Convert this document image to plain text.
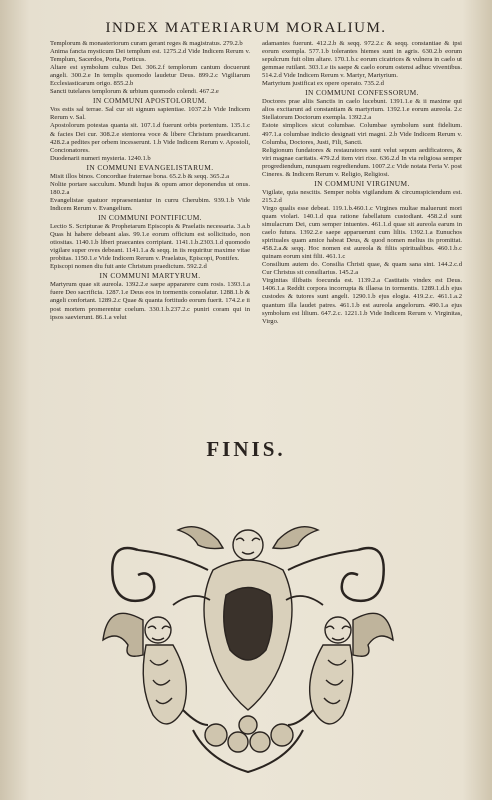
INDEX MATERIARUM MORALIUM.

Templorum & monasteriorum curam gerant reges & magistratus. 279.2.b

Anima fancta mysticum Dei templum est. 1275.2.d Vide Indicem Rerum v. Templum, Sacerdos, Porta, Porticus.

Altare est symbolum cultus Dei. 306.2.f templorum cantum docuerunt angeli. 300.2.e In templis quomodo laudetur Deus. 899.2.c Vigiliarum Ecclesiasticarum origo. 855.2.b

Sancti tutelares templorum & urbium quomodo colendi. 467.2.e

IN COMMUNI APOSTOLORUM.

Vos estis sal terrae. Sal cur sit signum sapientiae. 1037.2.b Vide Indicem Rerum v. Sal.

Apostolorum potestas quanta sit. 107.1.d fuerunt orbis portentum. 135.1.c & facies Dei cur. 308.2.e stentorea voce & libere Christum praedicarunt. 428.2.a pedites per orbem incesserunt. 1.b Vide Indicem Rerum v. Apostoli, Concionatores.

Duodenarii numeri mysteria. 1240.1.b

IN COMMUNI EVANGELISTARUM.

Misit illos binos. Concordiae fraternae bona. 65.2.b & seqq. 365.2.a

Nolite portare sacculum. Mundi hujus & opum amor deponendus ut onus. 180.2.a

Evangelistae quatuor repraesentantur in curru Cherubim. 939.1.b Vide Indicem Rerum v. Evangelium.

IN COMMUNI PONTIFICUM.

Lectio S. Scripturae & Prophetarum Episcopis & Praelatis necessaria. 3.a.b Quas hi habere debeant alas. 99.1.e eorum officium est sollicitudo, non otiositas. 1140.1.b liberi praecantes corripiant. 1141.1.b.2303.1.d quomodo vigilare super oves debeant. 1141.1.a & seqq. in iis requiritur maxime vitae probitas. 1150.1.e Vide Indicem Rerum v. Praelatus, Episcopi, Pontifex.

Episcopi nomen diu fuit ante Christum praedictum. 592.2.d

IN COMMUNI MARTYRUM.

Martyrum quae sit aureola. 1392.2.e saepe appararere cum rosis. 1393.1.a fuere Deo sacrificia. 1287.1.e Deus eos in tormentis consolatur. 1288.1.b & angeli confortant. 1289.2.c Quae & quanta fortitudo eorum fuerit. 174.2.e ii post mortem promerentur coelum. 330.1.b.237.2.c puniri coram qui in ipsos saevierunt. 86.1.a velut

adamantes fuerunt. 412.2.b & seqq. 972.2.c & seqq. constantiae & ipsi eorum exempla. 577.1.b tolerantes hiemes sunt in agris. 630.2.b eorum sepulcrum fuit olim altare. 170.1.b.c eorum cicatrices & vulnera in caelo ut gemmae rutilant. 303.1.e iis saepe & caelo eorum ostensi adhuc viventibus. 514.2.d Vide Indicem Rerum v. Martyr, Martyrium.

Martyrium justificat ex opere operato. 735.2.d

IN COMMUNI CONFESSORUM.

Doctores prae aliis Sanctis in caelo lucebunt. 1391.1.e & ii maxime qui alios excitarunt ad constantiam & martyrium. 1392.1.e eorum aureola. 2.c Stellatorum Doctorum exempla. 1392.2.a

Estote simplices sicut columbae. Columbae symbolum sunt fidelium. 497.1.a columbae indicio designati viri magni. 2.b Vide Indicem Rerum v. Columba, Doctores, Justi, Fili, Sancti.

Religionum fundatores & restauratores sunt velut sepum aedificatores, & viri magnae caritatis. 479.2.d item viri rixe. 636.2.d In via religiosa semper progrediendum, nunquam regrediendum. 1007.2.c Vide notata Feria V. post Cineres. & Indicem Rerum v. Religio, Religiosi.

IN COMMUNI VIRGINUM.

Vigilate, quia nescitis. Semper nobis vigilandum & circumspiciendum est. 215.2.d

Virgo qualis esse debeat. 119.1.b.460.1.c Virgines multae maluerunt mori quam violari. 140.1.d qua ratione fabellatum custodiant. 458.2.d sunt simulacrum Dei, cum semper intuentes. 461.1.d quae sit aureola earum in caelo futura. 1392.2.e saepe apparuerunt cum liliis. 1392.1.a Eunuchos spirituales quam amice habeat Deus, & quod nomen melius iis promittat. 458.2.a.& seqq. Hoc nomen est aureola & filiis spiritualibus. 460.1.b.c quinam eorum sint filii. 461.1.c

Consilium autem do. Consilia Christi quae, & quam sana sint. 144.2.c.d Cur Christus sit consiliarius. 145.2.a

Virginitas illibatis foecunda est. 1139.2.a Castitatis vindex est Deus. 1406.1.a Reddit corpora incorrupta & illaesa in tormentis. 1289.1.d.h ejus custodes & tutores sunt angeli. 1290.1.b ejus elogia. 419.2.c. 461.1.a.2 quantum illa laudet patres. 461.1.b est aureola angelorum. 490.1.a ejus symbolum est lilium. 647.2.c. 1221.1.b Vide Indicem Rerum v. Virginitas, Virgo.

FINIS.
